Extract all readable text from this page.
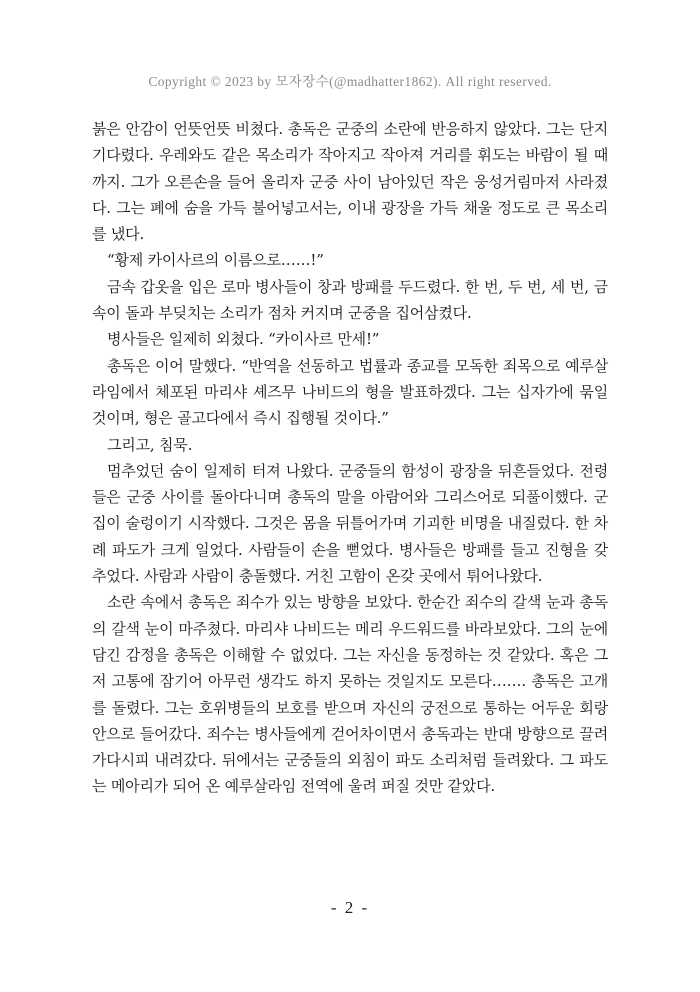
Copyright © 2023 by 모자장수(@madhatter1862). All right reserved.

붉은 안감이 언뜻언뜻 비쳤다. 총독은 군중의 소란에 반응하지 않았다. 그는 단지 기다렸다. 우레와도 같은 목소리가 작아지고 작아져 거리를 휘도는 바람이 될 때까지. 그가 오른손을 들어 올리자 군중 사이 남아있던 작은 웅성거림마저 사라졌다. 그는 폐에 숨을 가득 불어넣고서는, 이내 광장을 가득 채울 정도로 큰 목소리를 냈다.

“황제 카이사르의 이름으로……!”

금속 갑옷을 입은 로마 병사들이 창과 방패를 두드렸다. 한 번, 두 번, 세 번, 금속이 돌과 부딪치는 소리가 점차 커지며 군중을 집어삼켰다.

병사들은 일제히 외쳤다. “카이사르 만세!”

총독은 이어 말했다. “반역을 선동하고 법률과 종교를 모독한 죄목으로 예루살라임에서 체포된 마리샤 셰즈무 나비드의 형을 발표하겠다. 그는 십자가에 묶일 것이며, 형은 골고다에서 즉시 집행될 것이다.”

그리고, 침묵.

멈추었던 숨이 일제히 터져 나왔다. 군중들의 함성이 광장을 뒤흔들었다. 전령들은 군중 사이를 돌아다니며 총독의 말을 아람어와 그리스어로 되풀이했다. 군집이 술렁이기 시작했다. 그것은 몸을 뒤틀어가며 기괴한 비명을 내질렀다. 한 차례 파도가 크게 일었다. 사람들이 손을 뻗었다. 병사들은 방패를 들고 진형을 갖추었다. 사람과 사람이 충돌했다. 거친 고함이 온갖 곳에서 튀어나왔다.

소란 속에서 총독은 죄수가 있는 방향을 보았다. 한순간 죄수의 갈색 눈과 총독의 갈색 눈이 마주쳤다. 마리샤 나비드는 메리 우드워드를 바라보았다. 그의 눈에 담긴 감정을 총독은 이해할 수 없었다. 그는 자신을 동정하는 것 같았다. 혹은 그저 고통에 잠기어 아무런 생각도 하지 못하는 것일지도 모른다……. 총독은 고개를 돌렸다. 그는 호위병들의 보호를 받으며 자신의 궁전으로 통하는 어두운 회랑 안으로 들어갔다. 죄수는 병사들에게 걷어차이면서 총독과는 반대 방향으로 끌려가다시피 내려갔다. 뒤에서는 군중들의 외침이 파도 소리처럼 들려왔다. 그 파도는 메아리가 되어 온 예루살라임 전역에 울려 퍼질 것만 같았다.

- 2 -
